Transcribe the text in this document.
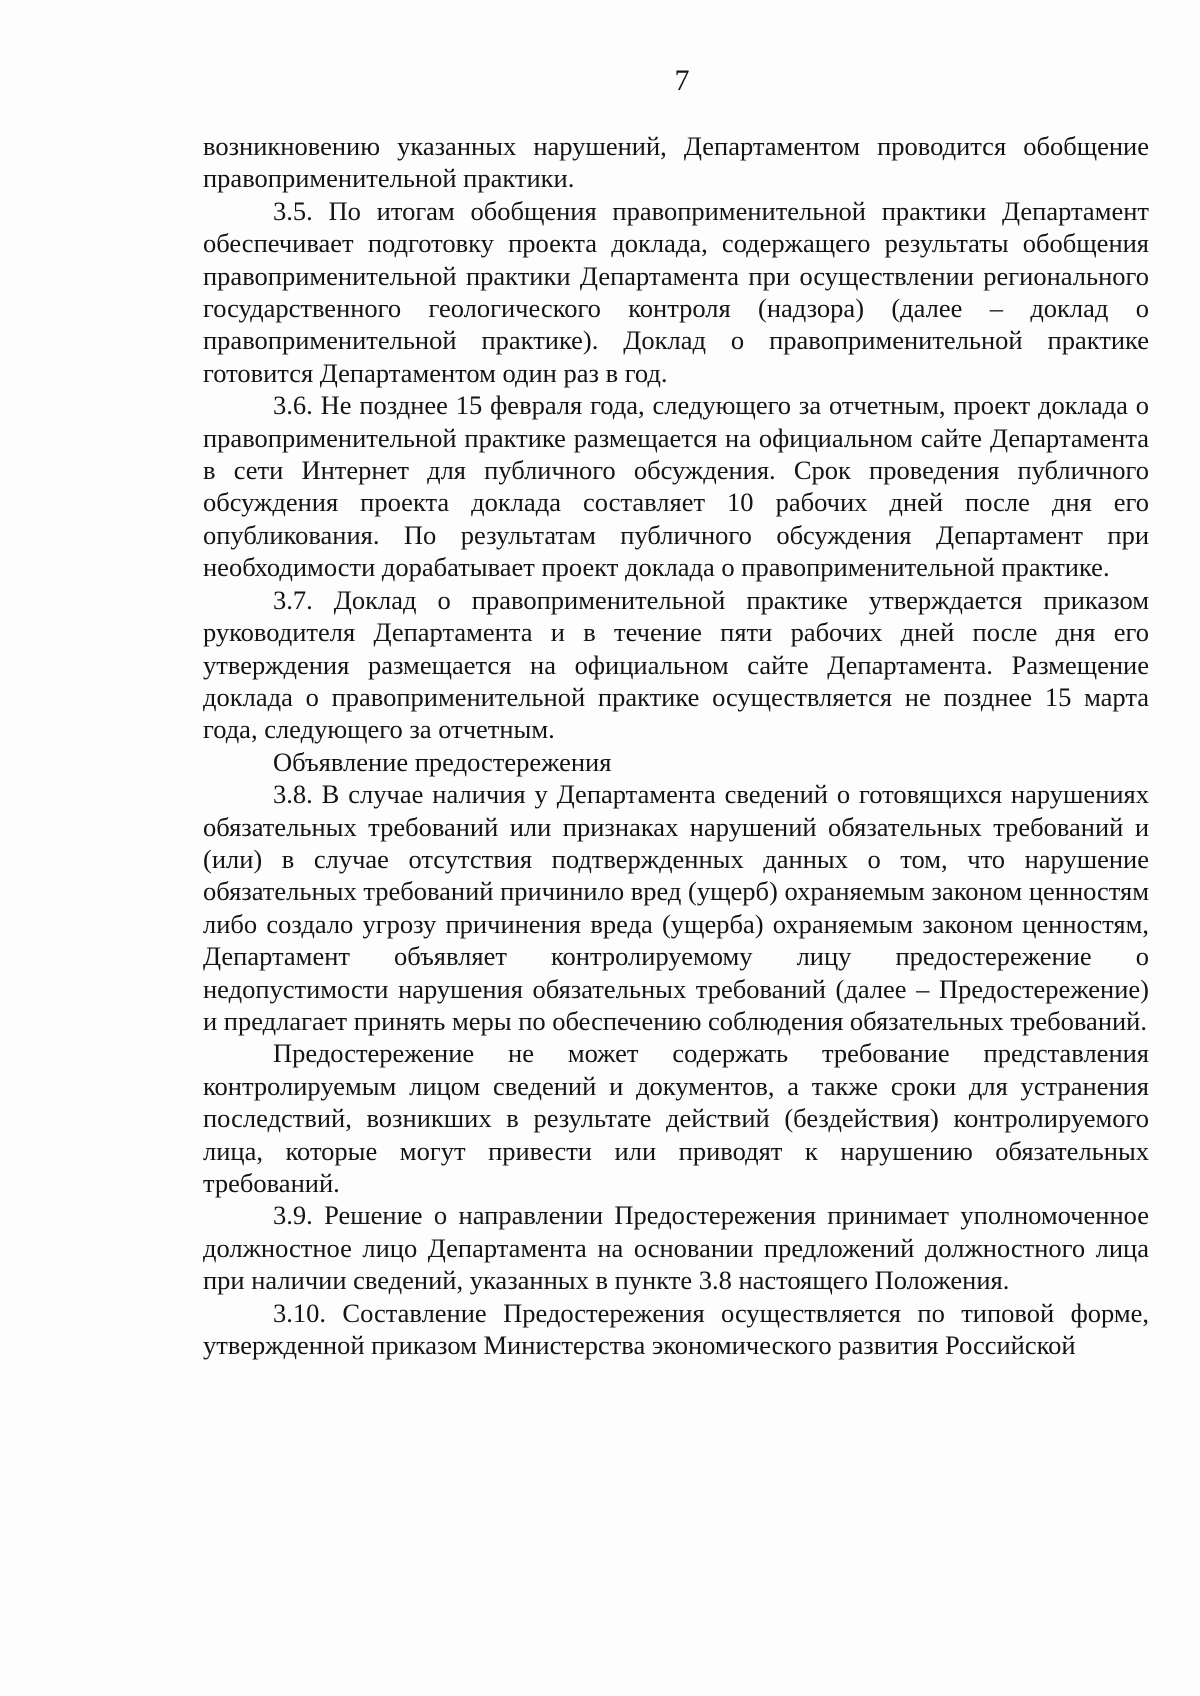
7

возникновению указанных нарушений, Департаментом проводится обобщение правоприменительной практики.

3.5. По итогам обобщения правоприменительной практики Департамент обеспечивает подготовку проекта доклада, содержащего результаты обобщения правоприменительной практики Департамента при осуществлении регионального государственного геологического контроля (надзора) (далее – доклад о правоприменительной практике). Доклад о правоприменительной практике готовится Департаментом один раз в год.

3.6. Не позднее 15 февраля года, следующего за отчетным, проект доклада о правоприменительной практике размещается на официальном сайте Департамента в сети Интернет для публичного обсуждения. Срок проведения публичного обсуждения проекта доклада составляет 10 рабочих дней после дня его опубликования. По результатам публичного обсуждения Департамент при необходимости дорабатывает проект доклада о правоприменительной практике.

3.7. Доклад о правоприменительной практике утверждается приказом руководителя Департамента и в течение пяти рабочих дней после дня его утверждения размещается на официальном сайте Департамента. Размещение доклада о правоприменительной практике осуществляется не позднее 15 марта года, следующего за отчетным.

Объявление предостережения

3.8. В случае наличия у Департамента сведений о готовящихся нарушениях обязательных требований или признаках нарушений обязательных требований и (или) в случае отсутствия подтвержденных данных о том, что нарушение обязательных требований причинило вред (ущерб) охраняемым законом ценностям либо создало угрозу причинения вреда (ущерба) охраняемым законом ценностям, Департамент объявляет контролируемому лицу предостережение о недопустимости нарушения обязательных требований (далее – Предостережение) и предлагает принять меры по обеспечению соблюдения обязательных требований.

Предостережение не может содержать требование представления контролируемым лицом сведений и документов, а также сроки для устранения последствий, возникших в результате действий (бездействия) контролируемого лица, которые могут привести или приводят к нарушению обязательных требований.

3.9. Решение о направлении Предостережения принимает уполномоченное должностное лицо Департамента на основании предложений должностного лица при наличии сведений, указанных в пункте 3.8 настоящего Положения.

3.10. Составление Предостережения осуществляется по типовой форме, утвержденной приказом Министерства экономического развития Российской
